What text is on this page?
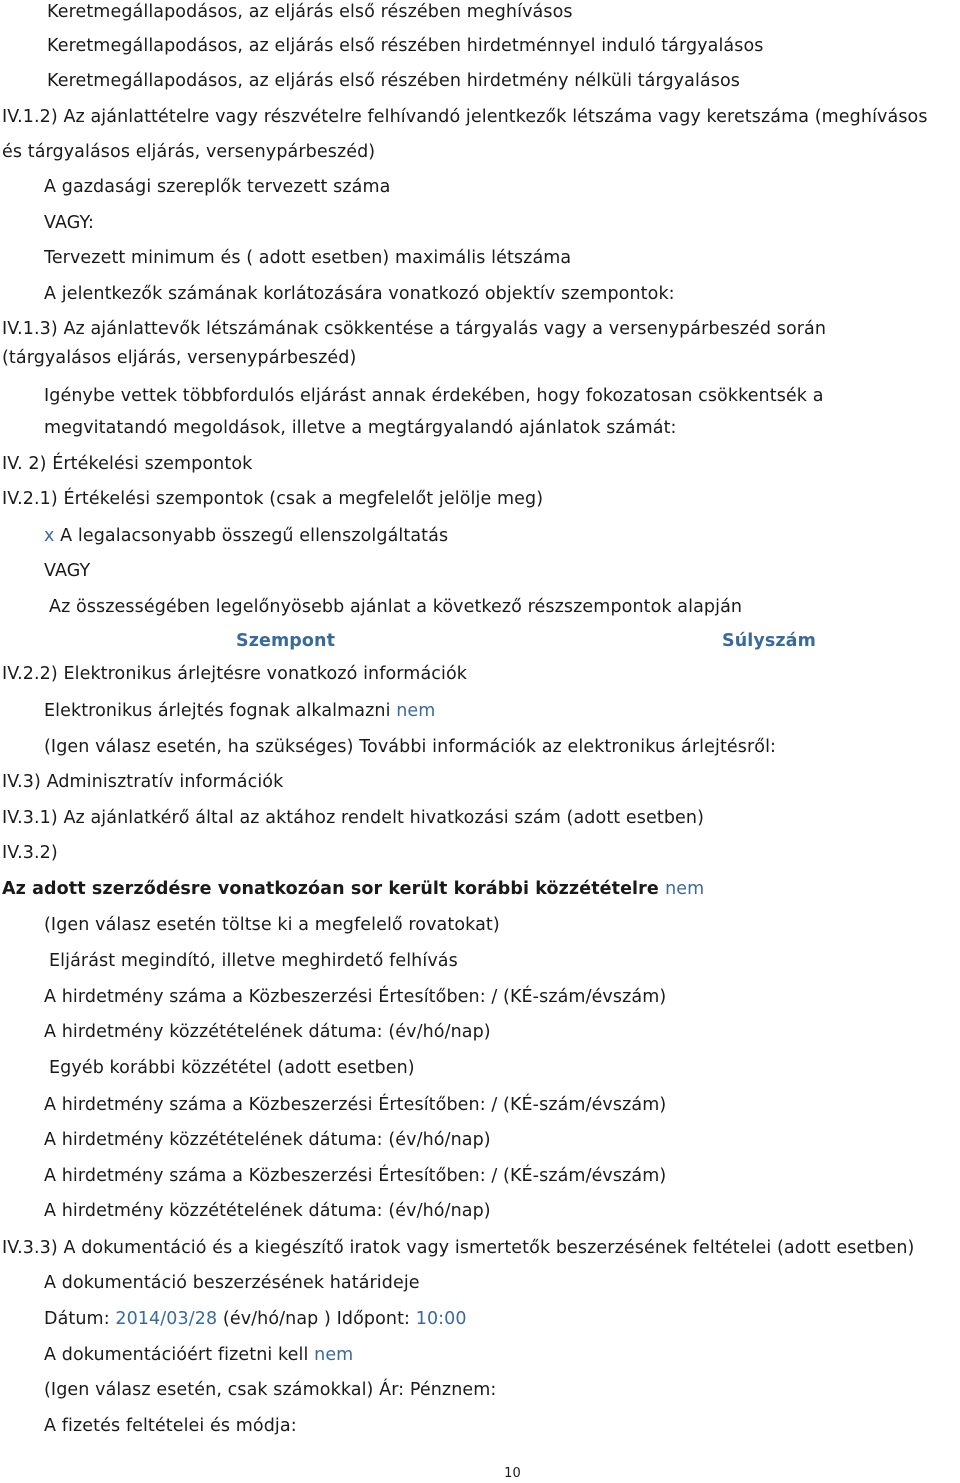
Keretmegállapodásos, az eljárás első részében meghívásos
Keretmegállapodásos, az eljárás első részében hirdetménnyel induló tárgyalásos
Keretmegállapodásos, az eljárás első részében hirdetmény nélküli tárgyalásos
IV.1.2) Az ajánlattételre vagy részvételre felhívandó jelentkezők létszáma vagy keretszáma (meghívásos
és tárgyalásos eljárás, versenypárbeszéd)
A gazdasági szereplők tervezett száma
VAGY:
Tervezett minimum és ( adott esetben) maximális létszáma
A jelentkezők számának korlátozására vonatkozó objektív szempontok:
IV.1.3) Az ajánlattevők létszámának csökkentése a tárgyalás vagy a versenypárbeszéd során
(tárgyalásos eljárás, versenypárbeszéd)
Igénybe vettek többfordulós eljárást annak érdekében, hogy fokozatosan csökkentsék a
megvitatandó megoldások, illetve a megtárgyalandó ajánlatok számát:
IV. 2) Értékelési szempontok
IV.2.1) Értékelési szempontok (csak a megfelelőt jelölje meg)
x A legalacsonyabb összegű ellenszolgáltatás
VAGY
Az összességében legelőnyösebb ajánlat a következő részszempontok alapján
Szempont	Súlyszám
IV.2.2) Elektronikus árlejtésre vonatkozó információk
Elektronikus árlejtés fognak alkalmazni nem
(Igen válasz esetén, ha szükséges) További információk az elektronikus árlejtésről:
IV.3) Adminisztratív információk
IV.3.1) Az ajánlatkérő által az aktához rendelt hivatkozási szám (adott esetben)
IV.3.2)
Az adott szerződésre vonatkozóan sor került korábbi közzétételre nem
(Igen válasz esetén töltse ki a megfelelő rovatokat)
Eljárást megindító, illetve meghirdető felhívás
A hirdetmény száma a Közbeszerzési Értesítőben: / (KÉ-szám/évszám)
A hirdetmény közzétételének dátuma: (év/hó/nap)
Egyéb korábbi közzététel (adott esetben)
A hirdetmény száma a Közbeszerzési Értesítőben: / (KÉ-szám/évszám)
A hirdetmény közzétételének dátuma: (év/hó/nap)
A hirdetmény száma a Közbeszerzési Értesítőben: / (KÉ-szám/évszám)
A hirdetmény közzétételének dátuma: (év/hó/nap)
IV.3.3) A dokumentáció és a kiegészítő iratok vagy ismertetők beszerzésének feltételei (adott esetben)
A dokumentáció beszerzésének határideje
Dátum: 2014/03/28 (év/hó/nap ) Időpont: 10:00
A dokumentációért fizetni kell nem
(Igen válasz esetén, csak számokkal) Ár: Pénznem:
A fizetés feltételei és módja:
10
